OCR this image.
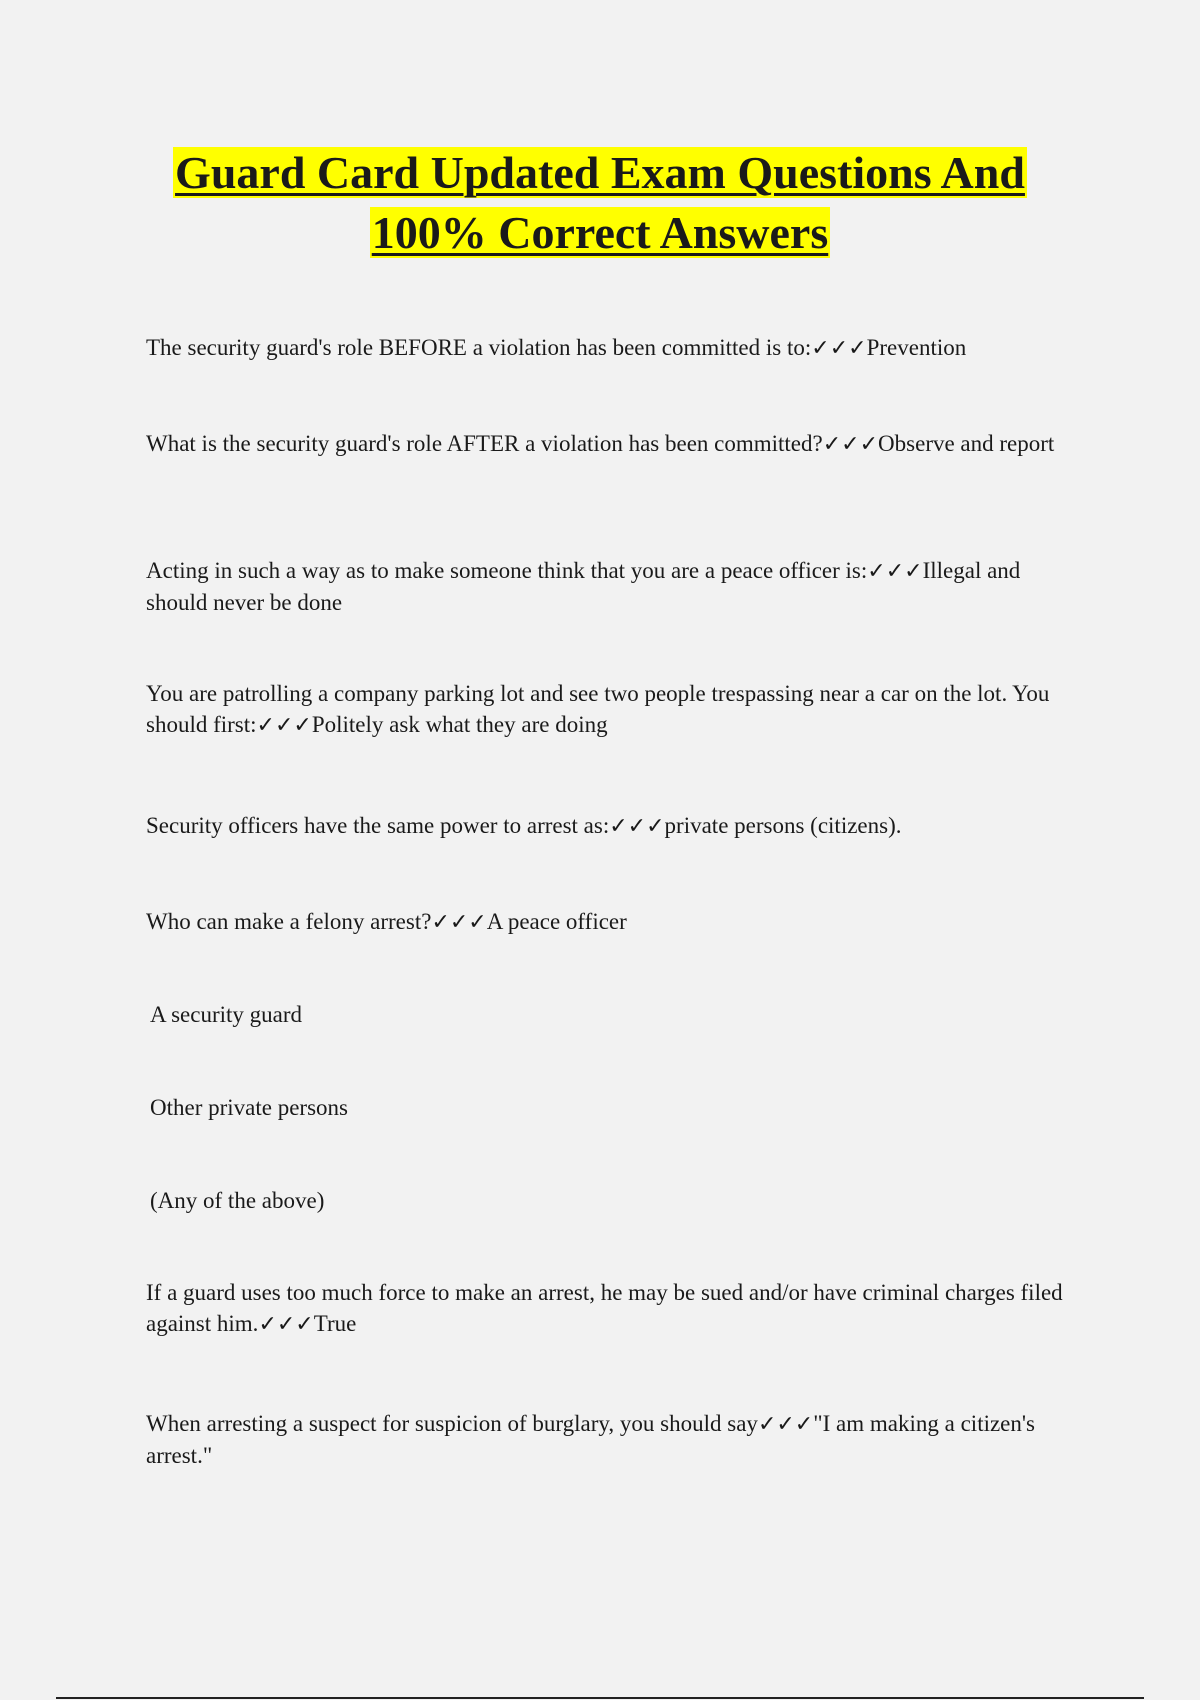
Guard Card Updated Exam Questions And
100% Correct Answers

The security guard's role BEFORE a violation has been committed is to:✓✓✓Prevention

What is the security guard's role AFTER a violation has been committed?✓✓✓Observe and report

Acting in such a way as to make someone think that you are a peace officer is:✓✓✓Illegal and should never be done

You are patrolling a company parking lot and see two people trespassing near a car on the lot. You should first:✓✓✓Politely ask what they are doing

Security officers have the same power to arrest as:✓✓✓private persons (citizens).

Who can make a felony arrest?✓✓✓A peace officer

A security guard

Other private persons

(Any of the above)

If a guard uses too much force to make an arrest, he may be sued and/or have criminal charges filed against him.✓✓✓True

When arresting a suspect for suspicion of burglary, you should say✓✓✓"I am making a citizen's arrest."
